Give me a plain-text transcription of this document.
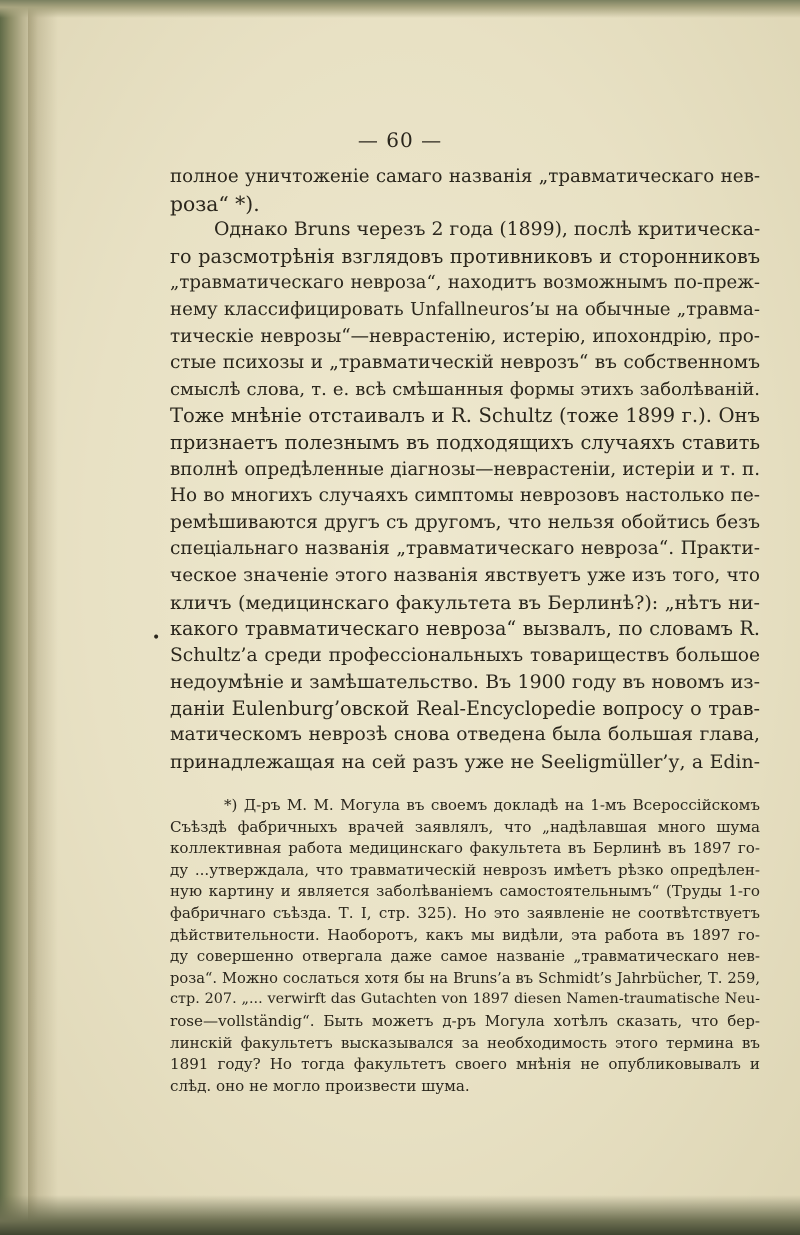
— 60 —
•
полное уничтоженіе самаго названія „травматическаго нев-
роза“ *).
Однако Bruns черезъ 2 года (1899), послѣ критическа-
го разсмотрѣнія взглядовъ противниковъ и сторонниковъ
„травматическаго невроза“, находитъ возможнымъ по-преж-
нему классифицировать Unfallneuros’ы на обычные „травма-
тическіе неврозы“—неврастенію, истерію, ипохондрію, про-
стые психозы и „травматическій неврозъ“ въ собственномъ
смыслѣ слова, т. е. всѣ смѣшанныя формы этихъ заболѣваній.
Тоже мнѣніе отстаивалъ и R. Schultz (тоже 1899 г.). Онъ
признаетъ полезнымъ въ подходящихъ случаяхъ ставить
вполнѣ опредѣленные діагнозы—неврастеніи, истеріи и т. п.
Но во многихъ случаяхъ симптомы неврозовъ настолько пе-
ремѣшиваются другъ съ другомъ, что нельзя обойтись безъ
спеціальнаго названія „травматическаго невроза“. Практи-
ческое значеніе этого названія явствуетъ уже изъ того, что
кличъ (медицинскаго факультета въ Берлинѣ?): „нѣтъ ни-
какого травматическаго невроза“ вызвалъ, по словамъ R.
Schultz’а среди профессіональныхъ товариществъ большое
недоумѣніе и замѣшательство. Въ 1900 году въ новомъ из-
даніи Eulenburg’овской Real-Encyclopedie вопросу о трав-
матическомъ неврозѣ снова отведена была большая глава,
принадлежащая на сей разъ уже не Seeligmüller’у, а Edin-
*) Д-ръ М. М. Могула въ своемъ докладѣ на 1-мъ Всероссійскомъ
Съѣздѣ фабричныхъ врачей заявлялъ, что „надѣлавшая много шума
коллективная работа медицинскаго факультета въ Берлинѣ въ 1897 го-
ду ...утверждала, что травматическій неврозъ имѣетъ рѣзко опредѣлен-
ную картину и является заболѣваніемъ самостоятельнымъ“ (Труды 1-го
фабричнаго съѣзда. Т. I, стр. 325). Но это заявленіе не соотвѣтствуетъ
дѣйствительности. Наоборотъ, какъ мы видѣли, эта работа въ 1897 го-
ду совершенно отвергала даже самое названіе „травматическаго нев-
роза“. Можно сослаться хотя бы на Bruns’а въ Schmidt’s Jahrbücher, Т. 259,
стр. 207. „... verwirft das Gutachten von 1897 diesen Namen-traumatische Neu-
rose—vollständig“. Быть можетъ д-ръ Могула хотѣлъ сказать, что бер-
линскій факультетъ высказывался за необходимость этого термина въ
1891 году? Но тогда факультетъ своего мнѣнія не опубликовывалъ и
слѣд. оно не могло произвести шума.
